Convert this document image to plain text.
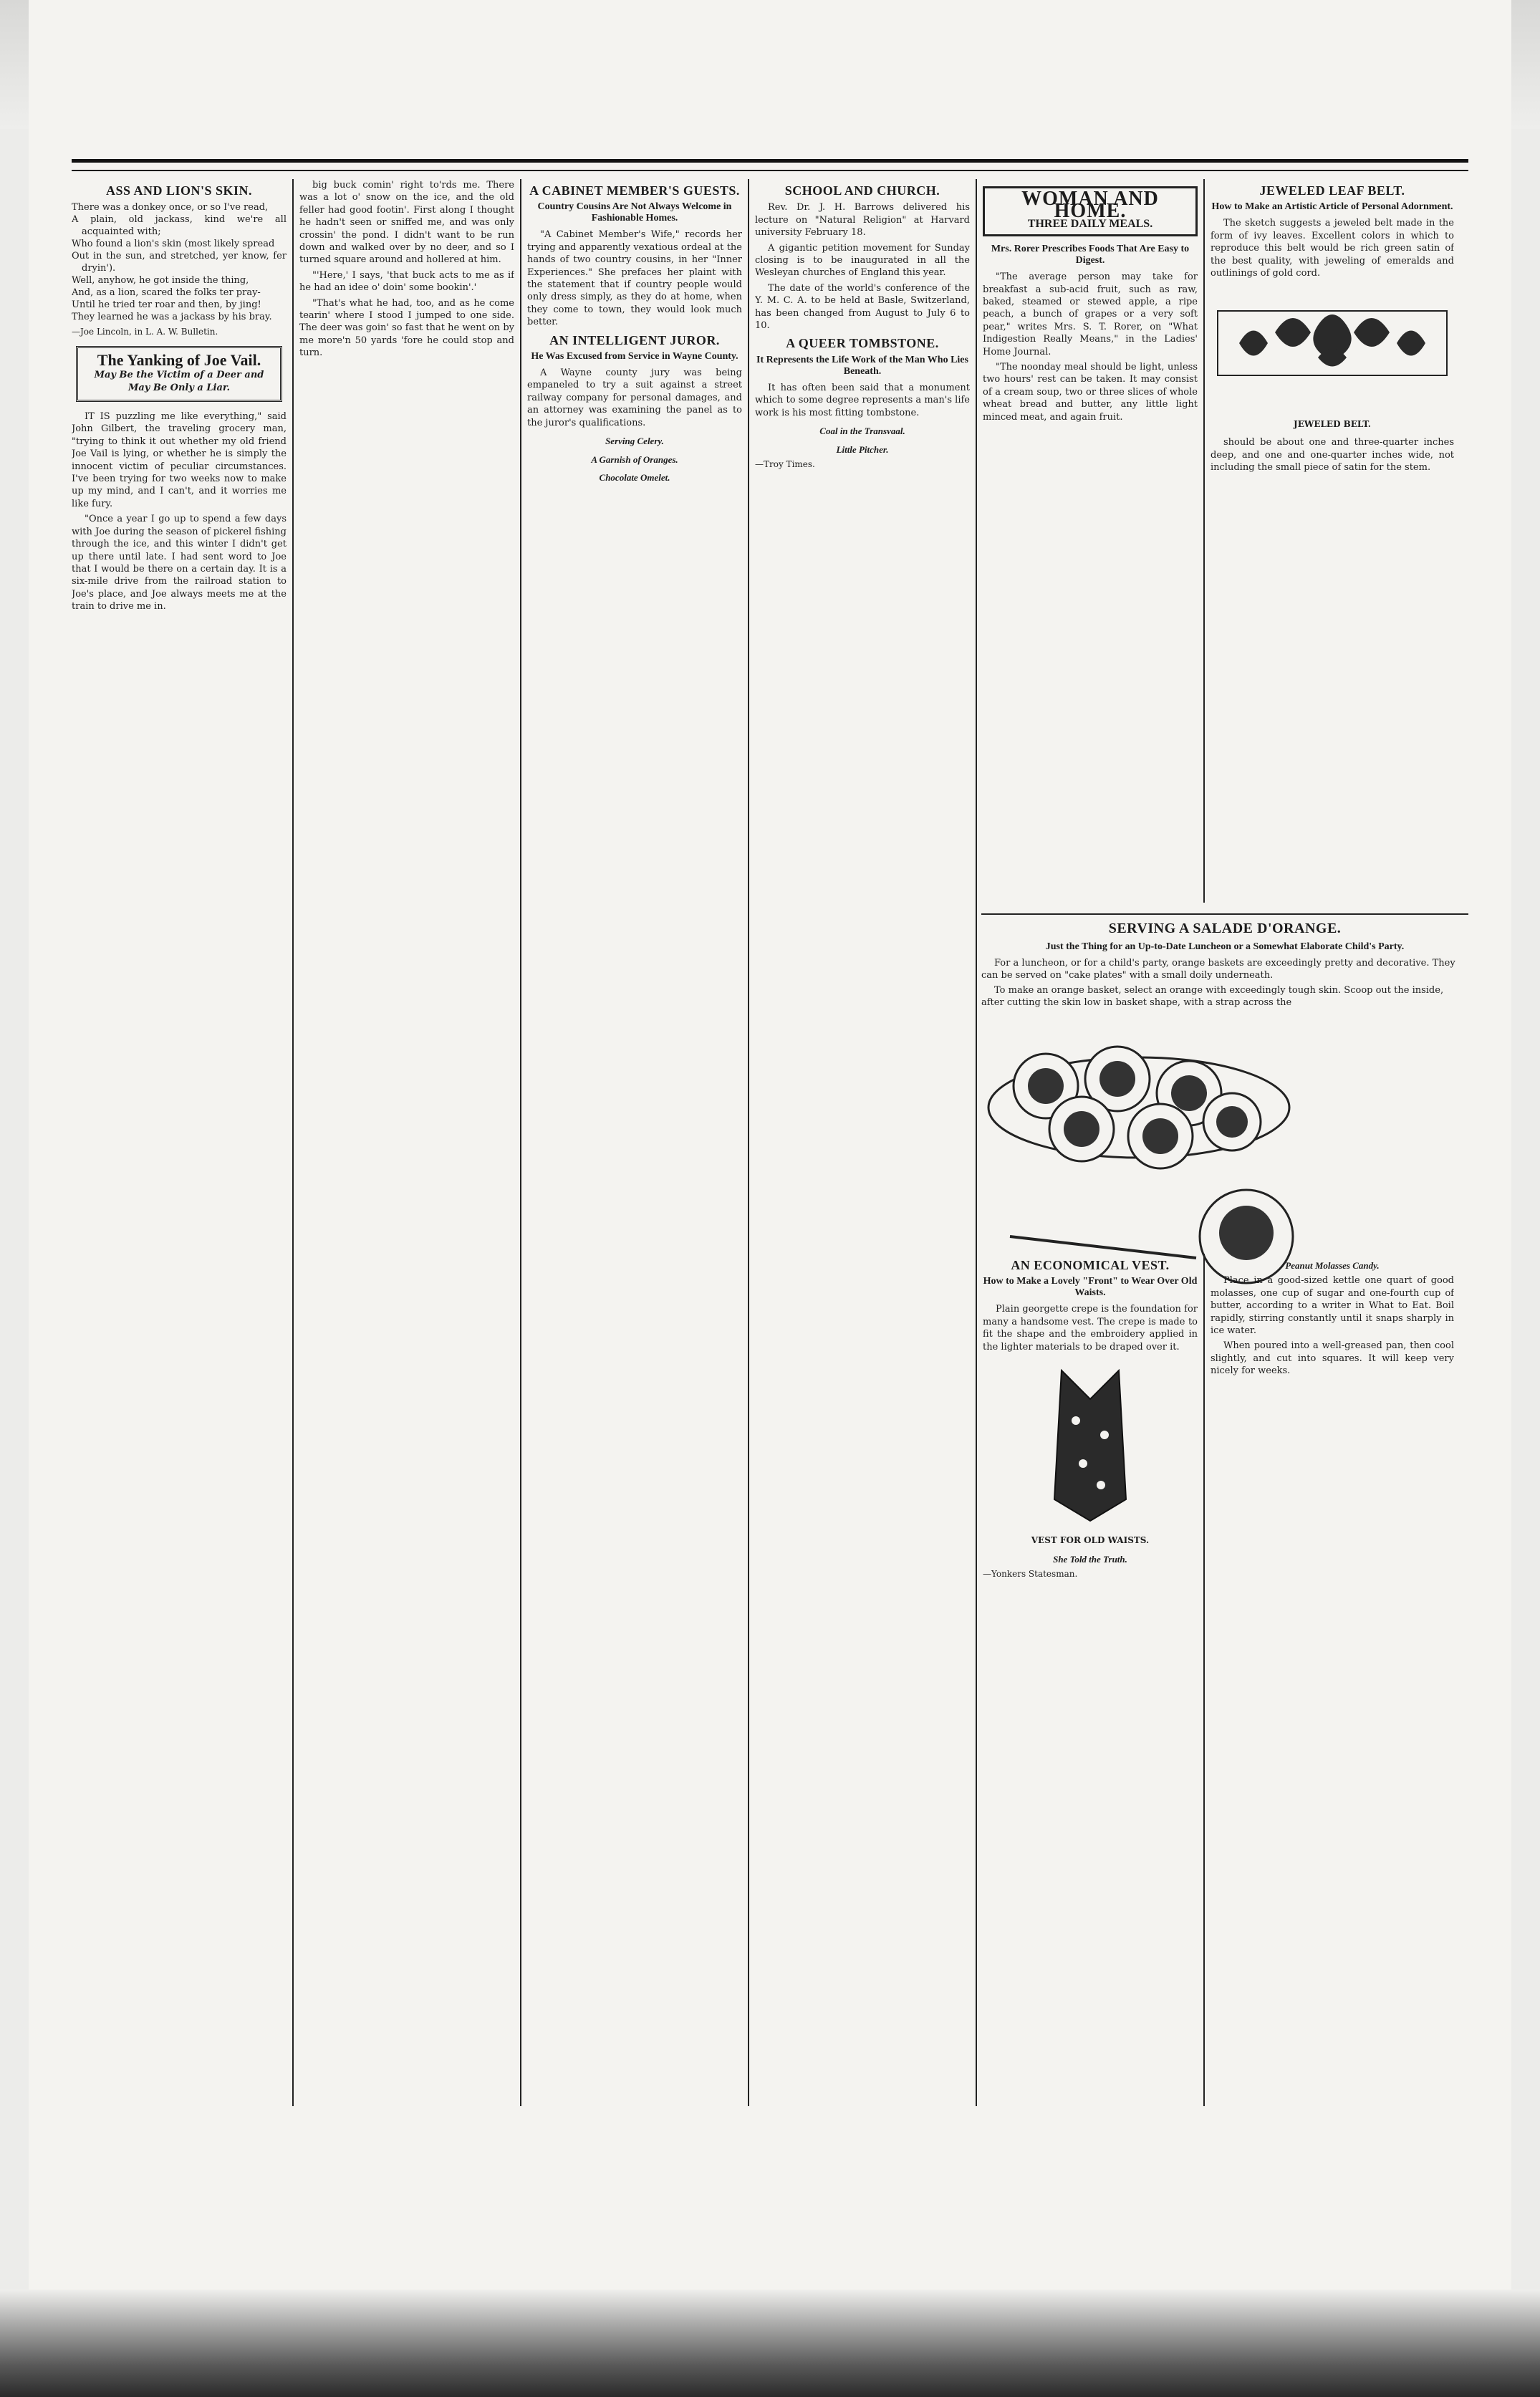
ASS AND LION'S SKIN.
There was a donkey once, or so I've read,
A plain, old jackass, kind we're all acquainted with;
Who found a lion's skin (most likely spread
Out in the sun, and stretched, yer know, fer dryin').
Well, anyhow, he got inside the thing,
And, as a lion, scared the folks ter pray-
Until he tried ter roar and then, by jing!
They learned he was a jackass by his bray.
—Joe Lincoln, in L. A. W. Bulletin.
The Yanking of Joe Vail.
May Be the Victim of a Deer and May Be Only a Liar.

IT IS puzzling me like everything," said John Gilbert, the traveling grocery man, "trying to think it out whether my old friend Joe Vail is lying, or whether he is simply the innocent victim of peculiar circumstances. I've been trying for two weeks now to make up my mind, and I can't, and it worries me like fury.

"Once a year I go up to spend a few days with Joe during the season of pickerel fishing through the ice, and this winter I didn't get up there until late. I had sent word to Joe that I would be there on a certain day. It is a six-mile drive from the railroad station to Joe's place, and Joe always meets me at the train to drive me in.

big buck comin' right to'rds me. There was a lot o' snow on the ice, and the old feller had good footin'. First along I thought he hadn't seen or sniffed me, and was only crossin' the pond. I didn't want to be run down and walked over by no deer, and so I turned square around and hollered at him.

"'Here,' I says, 'that buck acts to me as if he had an idee o' doin' some bookin'.'

"That's what he had, too, and as he come tearin' where I stood I jumped to one side. The deer was goin' so fast that he went on by me more'n 50 yards 'fore he could stop and turn.

A CABINET MEMBER'S GUESTS.
Country Cousins Are Not Always Welcome in Fashionable Homes.

"A Cabinet Member's Wife," records her trying and apparently vexatious ordeal at the hands of two country cousins, in her "Inner Experiences." She prefaces her plaint with the statement that if country people would only dress simply, as they do at home, when they come to town, they would look much better.

AN INTELLIGENT JUROR.
He Was Excused from Service in Wayne County.

A Wayne county jury was being empaneled to try a suit against a street railway company for personal damages, and an attorney was examining the panel as to the juror's qualifications.

Serving Celery.
A Garnish of Oranges.
Chocolate Omelet.
SCHOOL AND CHURCH.

Rev. Dr. J. H. Barrows delivered his lecture on "Natural Religion" at Harvard university February 18.

A gigantic petition movement for Sunday closing is to be inaugurated in all the Wesleyan churches of England this year.

The date of the world's conference of the Y. M. C. A. to be held at Basle, Switzerland, has been changed from August to July 6 to 10.

A QUEER TOMBSTONE.
It Represents the Life Work of the Man Who Lies Beneath.

It has often been said that a monument which to some degree represents a man's life work is his most fitting tombstone.

Coal in the Transvaal.
Little Pitcher.
—Troy Times.
WOMAN AND HOME.
THREE DAILY MEALS.
Mrs. Rorer Prescribes Foods That Are Easy to Digest.

"The average person may take for breakfast a sub-acid fruit, such as raw, baked, steamed or stewed apple, a ripe peach, a bunch of grapes or a very soft pear," writes Mrs. S. T. Rorer, on "What Indigestion Really Means," in the Ladies' Home Journal.

"The noonday meal should be light, unless two hours' rest can be taken. It may consist of a cream soup, two or three slices of whole wheat bread and butter, any little light minced meat, and again fruit.

JEWELED LEAF BELT.
How to Make an Artistic Article of Personal Adornment.

The sketch suggests a jeweled belt made in the form of ivy leaves. Excellent colors in which to reproduce this belt would be rich green satin of the best quality, with jeweling of emeralds and outlinings of gold cord.

JEWELED BELT.

should be about one and three-quarter inches deep, and one and one-quarter inches wide, not including the small piece of satin for the stem.

SERVING A SALADE D'ORANGE.
Just the Thing for an Up-to-Date Luncheon or a Somewhat Elaborate Child's Party.

For a luncheon, or for a child's party, orange baskets are exceedingly pretty and decorative. They can be served on "cake plates" with a small doily underneath.

To make an orange basket, select an orange with exceedingly tough skin. Scoop out the inside, after cutting the skin low in basket shape, with a strap across the

AN ECONOMICAL VEST.
How to Make a Lovely "Front" to Wear Over Old Waists.

Plain georgette crepe is the foundation for many a handsome vest. The crepe is made to fit the shape and the embroidery applied in the lighter materials to be draped over it.

VEST FOR OLD WAISTS.
She Told the Truth.
—Yonkers Statesman.
Peanut Molasses Candy.

Place in a good-sized kettle one quart of good molasses, one cup of sugar and one-fourth cup of butter, according to a writer in What to Eat. Boil rapidly, stirring constantly until it snaps sharply in ice water.

When poured into a well-greased pan, then cool slightly, and cut into squares. It will keep very nicely for weeks.
